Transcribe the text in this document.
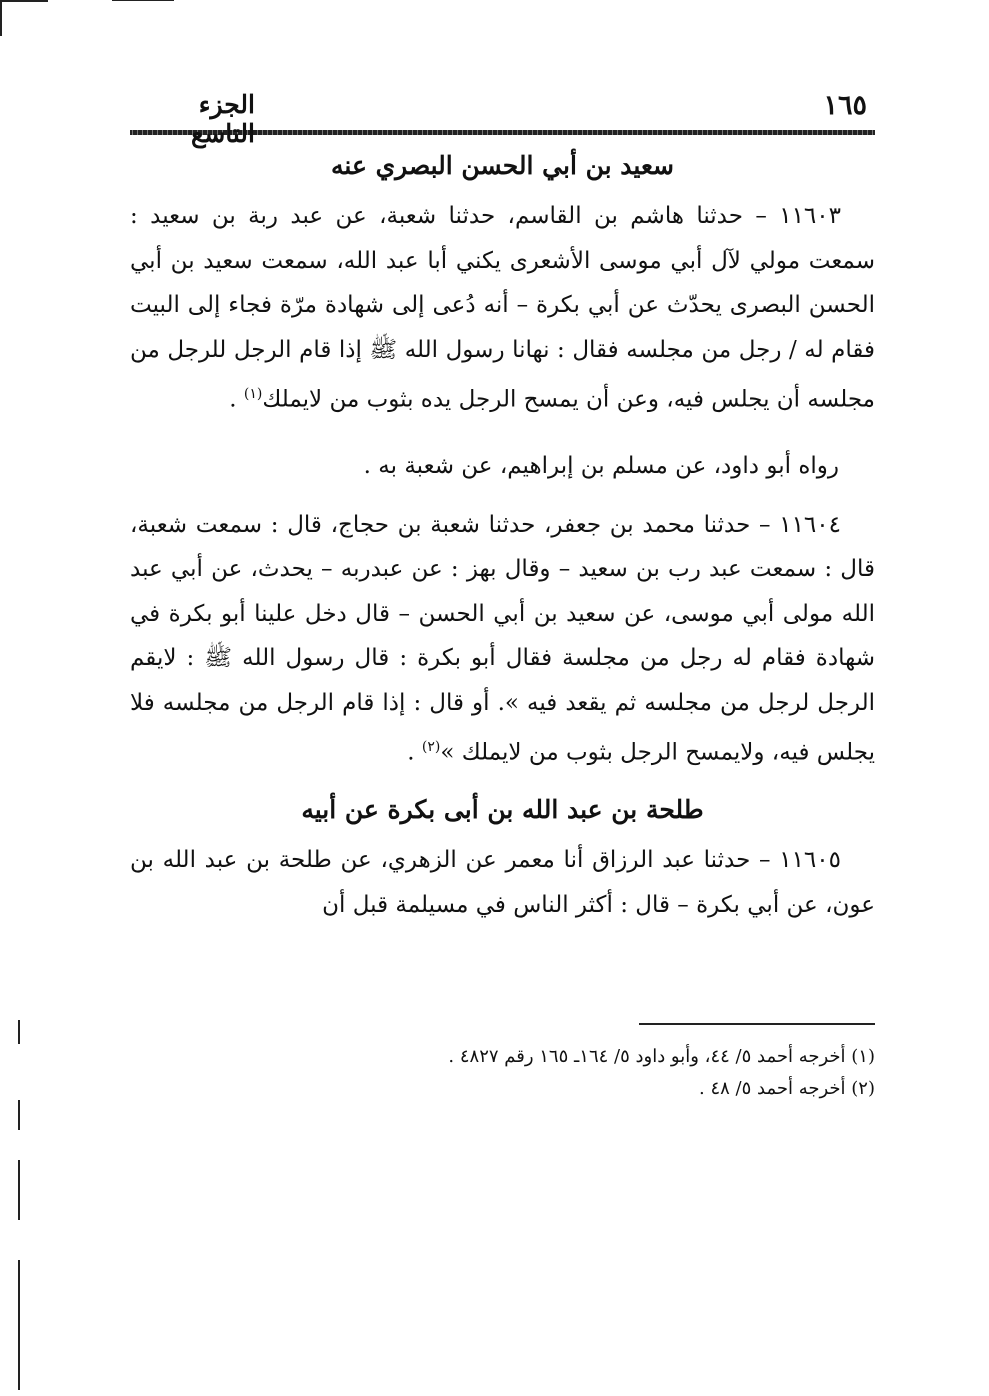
١٦٥
الجزء التاسع
سعيد بن أبي الحسن البصري عنه

١١٦٠٣ – حدثنا هاشم بن القاسم، حدثنا شعبة، عن عبد ربة بن سعيد : سمعت مولي لآل أبي موسى الأشعرى يكني أبا عبد الله، سمعت سعيد بن أبي الحسن البصرى يحدّث عن أبي بكرة – أنه دُعى إلى شهادة مرّة فجاء إلى البيت فقام له / رجل من مجلسه فقال : نهانا رسول الله ﷺ إذا قام الرجل للرجل من مجلسه أن يجلس فيه، وعن أن يمسح الرجل يده بثوب من لايملك$^{(١)}$ .

رواه أبو داود، عن مسلم بن إبراهيم، عن شعبة به .

١١٦٠٤ – حدثنا محمد بن جعفر، حدثنا شعبة بن حجاج، قال : سمعت شعبة، قال : سمعت عبد رب بن سعيد – وقال بهز : عن عبدربه – يحدث، عن أبي عبد الله مولى أبي موسى، عن سعيد بن أبي الحسن – قال دخل علينا أبو بكرة في شهادة فقام له رجل من مجلسة فقال أبو بكرة : قال رسول الله ﷺ : لايقم الرجل لرجل من مجلسه ثم يقعد فيه ». أو قال : إذا قام الرجل من مجلسه فلا يجلس فيه، ولايمسح الرجل بثوب من لايملك »$^{(٢)}$ .

طلحة بن عبد الله بن أبى بكرة عن أبيه

١١٦٠٥ – حدثنا عبد الرزاق أنا معمر عن الزهري، عن طلحة بن عبد الله بن عون، عن أبي بكرة – قال : أكثر الناس في مسيلمة قبل أن

(١) أخرجه أحمد ٥/ ٤٤، وأبو داود ٥/ ١٦٤ـ ١٦٥ رقم ٤٨٢٧ .

(٢) أخرجه أحمد ٥/ ٤٨ .
